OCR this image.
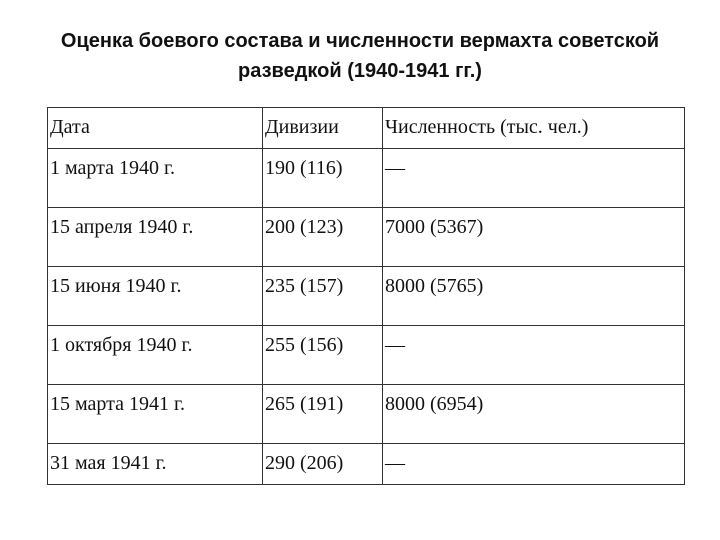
Оценка боевого состава и численности вермахта советской
разведкой (1940-1941 гг.)
Дата	Дивизии	Численность (тыс. чел.)
1 марта 1940 г.	190 (116)	—
15 апреля 1940 г.	200 (123)	7000 (5367)
15 июня 1940 г.	235 (157)	8000 (5765)
1 октября 1940 г.	255 (156)	—
15 марта 1941 г.	265 (191)	8000 (6954)
31 мая 1941 г.	290 (206)	—
